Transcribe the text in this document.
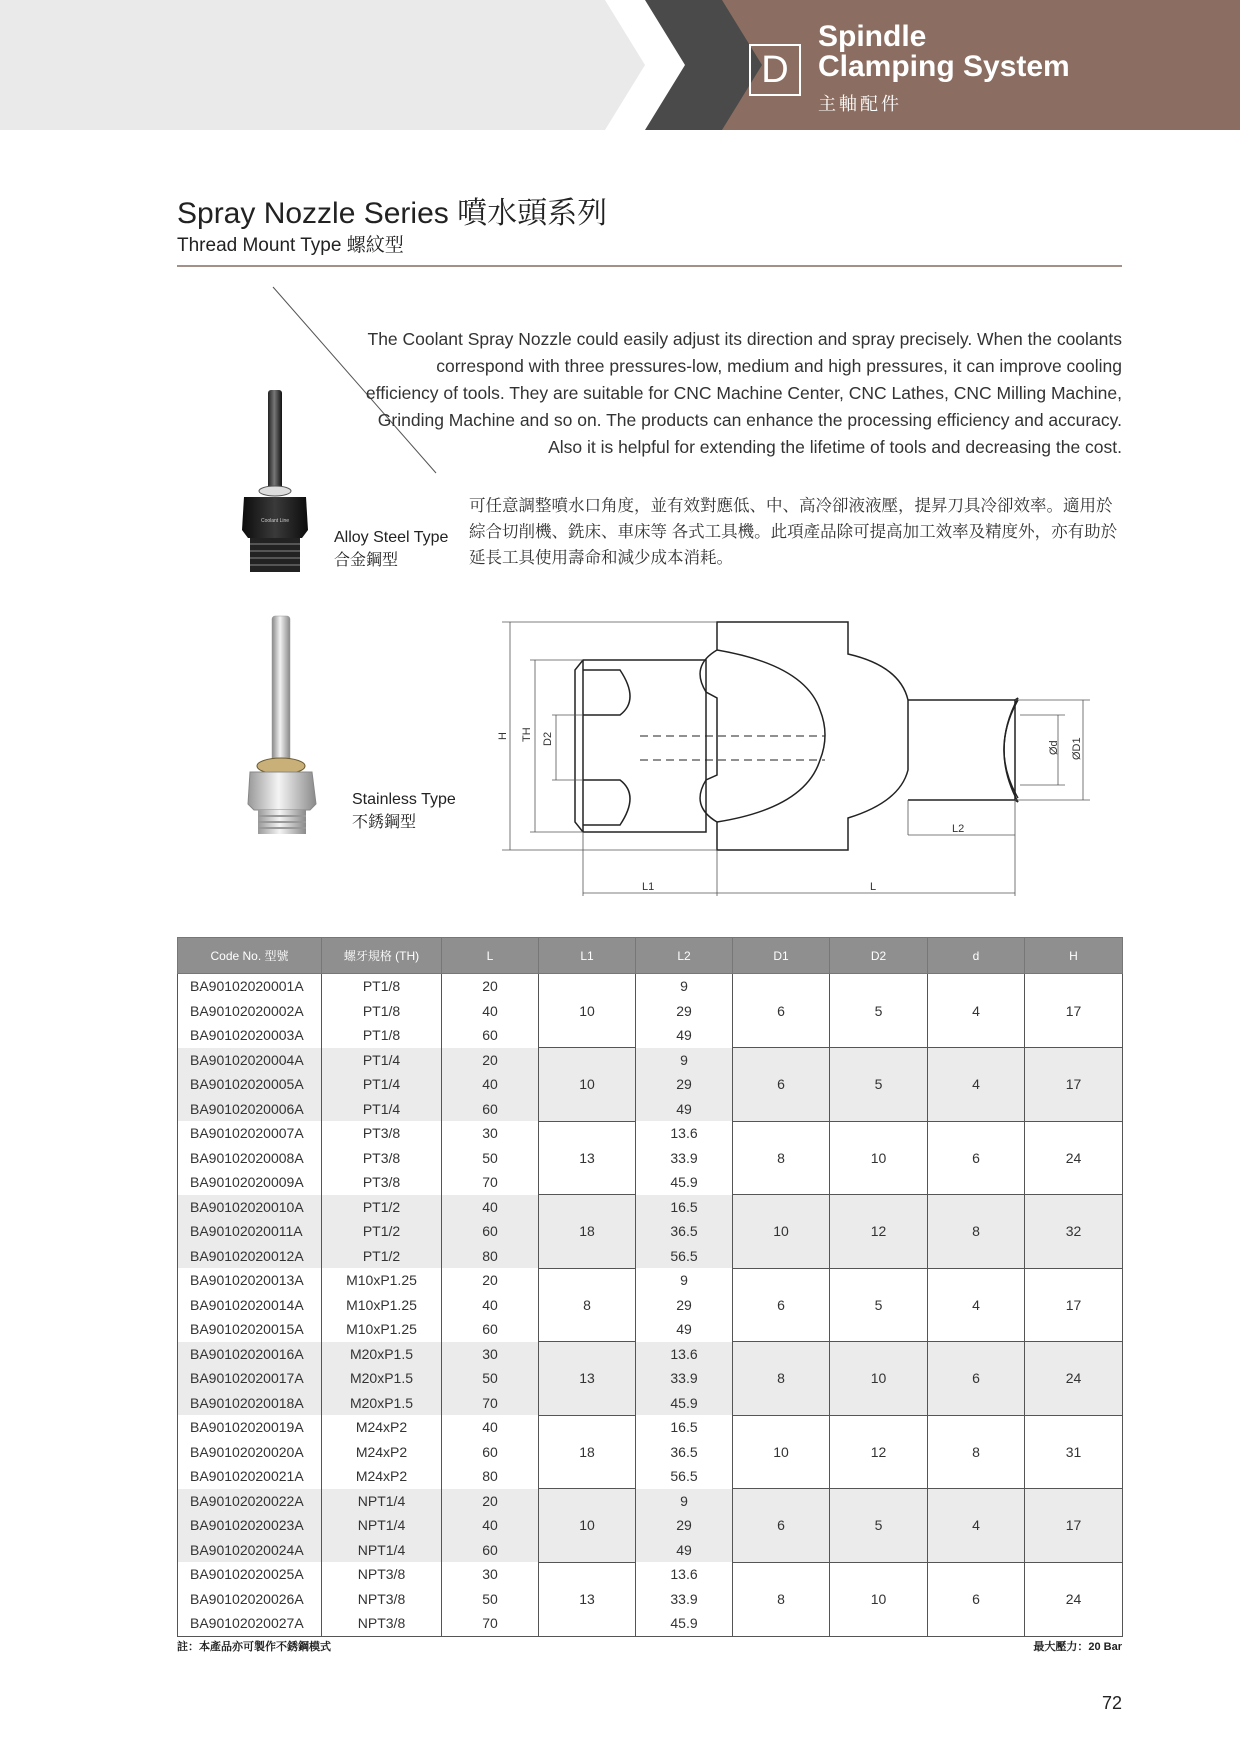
D
Spindle
Clamping System
主軸配件
Spray Nozzle Series 噴水頭系列
Thread Mount Type 螺紋型
The Coolant Spray Nozzle could easily adjust its direction and spray precisely. When the coolants correspond with three pressures-low, medium and high pressures, it can improve cooling efficiency of tools. They are suitable for CNC Machine Center, CNC Lathes, CNC Milling Machine, Grinding Machine and so on. The products can enhance the processing efficiency and accuracy. Also it is helpful for extending the lifetime of tools and decreasing the cost.
可任意調整噴水口角度，並有效對應低、中、高冷卻液液壓，提昇刀具冷卻效率。適用於綜合切削機、銑床、車床等 各式工具機。此項產品除可提高加工效率及精度外，亦有助於延長工具使用壽命和減少成本消耗。
Coolant Line
Alloy Steel Type
合金鋼型
Stainless Type
不銹鋼型
H TH D2
Ød ØD1
L2
L1	L
Code No. 型號	螺牙規格 (TH)	L	L1	L2	D1	D2	d	H
BA90102020001A	PT1/8	20	10	9	6	5	4	17
BA90102020002A	PT1/8	40		29				
BA90102020003A	PT1/8	60		49				
BA90102020004A	PT1/4	20	10	9	6	5	4	17
BA90102020005A	PT1/4	40		29				
BA90102020006A	PT1/4	60		49				
BA90102020007A	PT3/8	30	13	13.6	8	10	6	24
BA90102020008A	PT3/8	50		33.9				
BA90102020009A	PT3/8	70		45.9				
BA90102020010A	PT1/2	40	18	16.5	10	12	8	32
BA90102020011A	PT1/2	60		36.5				
BA90102020012A	PT1/2	80		56.5				
BA90102020013A	M10xP1.25	20	8	9	6	5	4	17
BA90102020014A	M10xP1.25	40		29				
BA90102020015A	M10xP1.25	60		49				
BA90102020016A	M20xP1.5	30	13	13.6	8	10	6	24
BA90102020017A	M20xP1.5	50		33.9				
BA90102020018A	M20xP1.5	70		45.9				
BA90102020019A	M24xP2	40	18	16.5	10	12	8	31
BA90102020020A	M24xP2	60		36.5				
BA90102020021A	M24xP2	80		56.5				
BA90102020022A	NPT1/4	20	10	9	6	5	4	17
BA90102020023A	NPT1/4	40		29				
BA90102020024A	NPT1/4	60		49				
BA90102020025A	NPT3/8	30	13	13.6	8	10	6	24
BA90102020026A	NPT3/8	50		33.9				
BA90102020027A	NPT3/8	70		45.9				
註：本產品亦可製作不銹鋼模式	最大壓力：20 Bar
72
